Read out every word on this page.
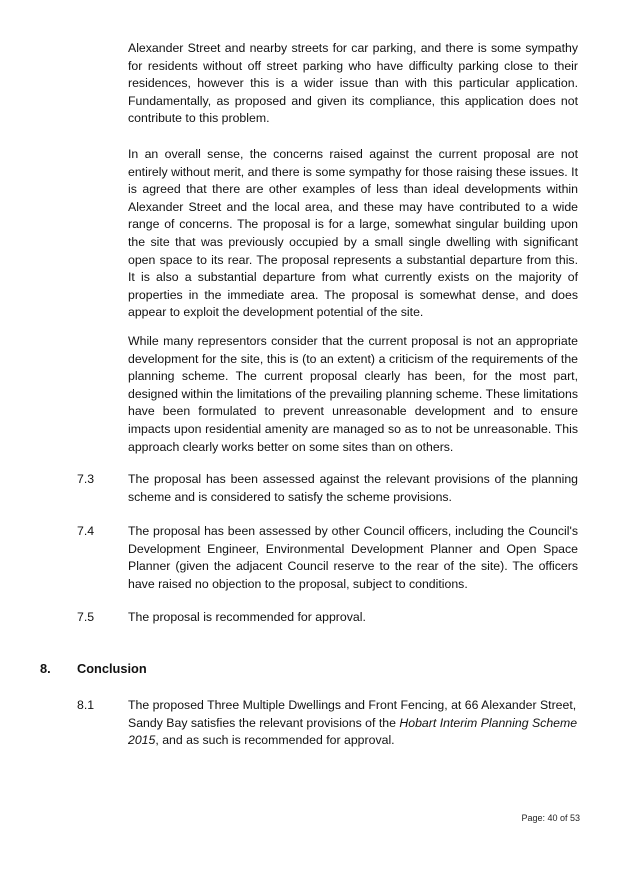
Alexander Street and nearby streets for car parking, and there is some sympathy for residents without off street parking who have difficulty parking close to their residences, however this is a wider issue than with this particular application. Fundamentally, as proposed and given its compliance, this application does not contribute to this problem.

In an overall sense, the concerns raised against the current proposal are not entirely without merit, and there is some sympathy for those raising these issues. It is agreed that there are other examples of less than ideal developments within Alexander Street and the local area, and these may have contributed to a wide range of concerns. The proposal is for a large, somewhat singular building upon the site that was previously occupied by a small single dwelling with significant open space to its rear. The proposal represents a substantial departure from this. It is also a substantial departure from what currently exists on the majority of properties in the immediate area. The proposal is somewhat dense, and does appear to exploit the development potential of the site.

While many representors consider that the current proposal is not an appropriate development for the site, this is (to an extent) a criticism of the requirements of the planning scheme. The current proposal clearly has been, for the most part, designed within the limitations of the prevailing planning scheme. These limitations have been formulated to prevent unreasonable development and to ensure impacts upon residential amenity are managed so as to not be unreasonable. This approach clearly works better on some sites than on others.

7.3	The proposal has been assessed against the relevant provisions of the planning scheme and is considered to satisfy the scheme provisions.

7.4	The proposal has been assessed by other Council officers, including the Council's Development Engineer, Environmental Development Planner and Open Space Planner (given the adjacent Council reserve to the rear of the site). The officers have raised no objection to the proposal, subject to conditions.

7.5	The proposal is recommended for approval.

8. Conclusion
8.1	The proposed Three Multiple Dwellings and Front Fencing, at 66 Alexander Street, Sandy Bay satisfies the relevant provisions of the Hobart Interim Planning Scheme 2015, and as such is recommended for approval.

Page: 40 of 53
